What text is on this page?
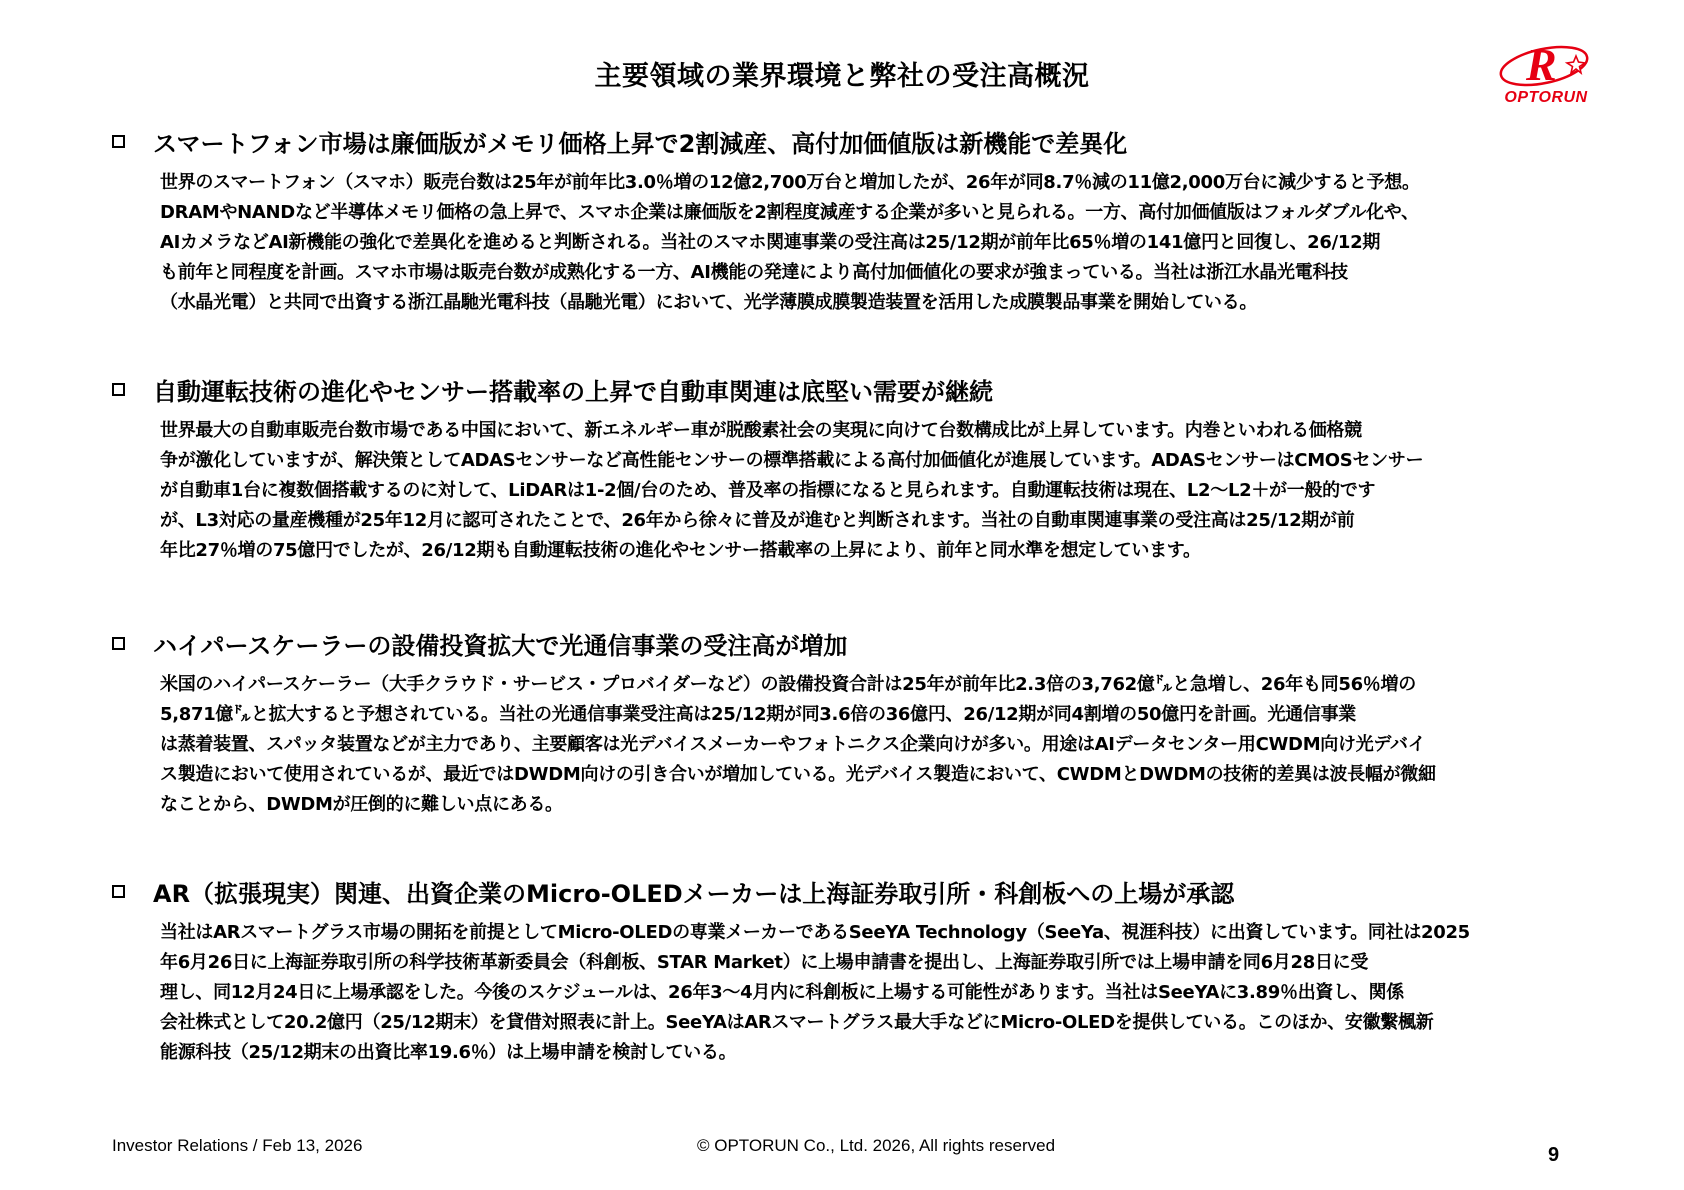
主要領域の業界環境と弊社の受注高概況	R
OPTORUN
スマートフォン市場は廉価版がメモリ価格上昇で2割減産、高付加価値版は新機能で差異化
世界のスマートフォン（スマホ）販売台数は25年が前年比3.0％増の12億2,700万台と増加したが、26年が同8.7％減の11億2,000万台に減少すると予想。
DRAMやNANDなど半導体メモリ価格の急上昇で、スマホ企業は廉価版を2割程度減産する企業が多いと見られる。一方、高付加価値版はフォルダブル化や、
AIカメラなどAI新機能の強化で差異化を進めると判断される。当社のスマホ関連事業の受注高は25/12期が前年比65％増の141億円と回復し、26/12期
も前年と同程度を計画。スマホ市場は販売台数が成熟化する一方、AI機能の発達により高付加価値化の要求が強まっている。当社は浙江水晶光電科技
（水晶光電）と共同で出資する浙江晶馳光電科技（晶馳光電）において、光学薄膜成膜製造装置を活用した成膜製品事業を開始している。
自動運転技術の進化やセンサー搭載率の上昇で自動車関連は底堅い需要が継続
世界最大の自動車販売台数市場である中国において、新エネルギー車が脱酸素社会の実現に向けて台数構成比が上昇しています。内巻といわれる価格競
争が激化していますが、解決策としてADASセンサーなど高性能センサーの標準搭載による高付加価値化が進展しています。ADASセンサーはCMOSセンサー
が自動車1台に複数個搭載するのに対して、LiDARは1-2個/台のため、普及率の指標になると見られます。自動運転技術は現在、L2～L2＋が一般的です
が、L3対応の量産機種が25年12月に認可されたことで、26年から徐々に普及が進むと判断されます。当社の自動車関連事業の受注高は25/12期が前
年比27％増の75億円でしたが、26/12期も自動運転技術の進化やセンサー搭載率の上昇により、前年と同水準を想定しています。
ハイパースケーラーの設備投資拡大で光通信事業の受注高が増加
米国のハイパースケーラー（大手クラウド・サービス・プロバイダーなど）の設備投資合計は25年が前年比2.3倍の3,762億㌦と急増し、26年も同56％増の
5,871億㌦と拡大すると予想されている。当社の光通信事業受注高は25/12期が同3.6倍の36億円、26/12期が同4割増の50億円を計画。光通信事業
は蒸着装置、スパッタ装置などが主力であり、主要顧客は光デバイスメーカーやフォトニクス企業向けが多い。用途はAIデータセンター用CWDM向け光デバイ
ス製造において使用されているが、最近ではDWDM向けの引き合いが増加している。光デバイス製造において、CWDMとDWDMの技術的差異は波長幅が微細
なことから、DWDMが圧倒的に難しい点にある。
AR（拡張現実）関連、出資企業のMicro-OLEDメーカーは上海証券取引所・科創板への上場が承認
当社はARスマートグラス市場の開拓を前提としてMicro-OLEDの専業メーカーであるSeeYA Technology（SeeYa、視涯科技）に出資しています。同社は2025
年6月26日に上海証券取引所の科学技術革新委員会（科創板、STAR Market）に上場申請書を提出し、上海証券取引所では上場申請を同6月28日に受
理し、同12月24日に上場承認をした。今後のスケジュールは、26年3～4月内に科創板に上場する可能性があります。当社はSeeYAに3.89％出資し、関係
会社株式として20.2億円（25/12期末）を貸借対照表に計上。SeeYAはARスマートグラス最大手などにMicro-OLEDを提供している。このほか、安徽繫楓新
能源科技（25/12期末の出資比率19.6％）は上場申請を検討している。
Investor Relations / Feb 13, 2026	© OPTORUN Co., Ltd. 2026, All rights reserved	9
